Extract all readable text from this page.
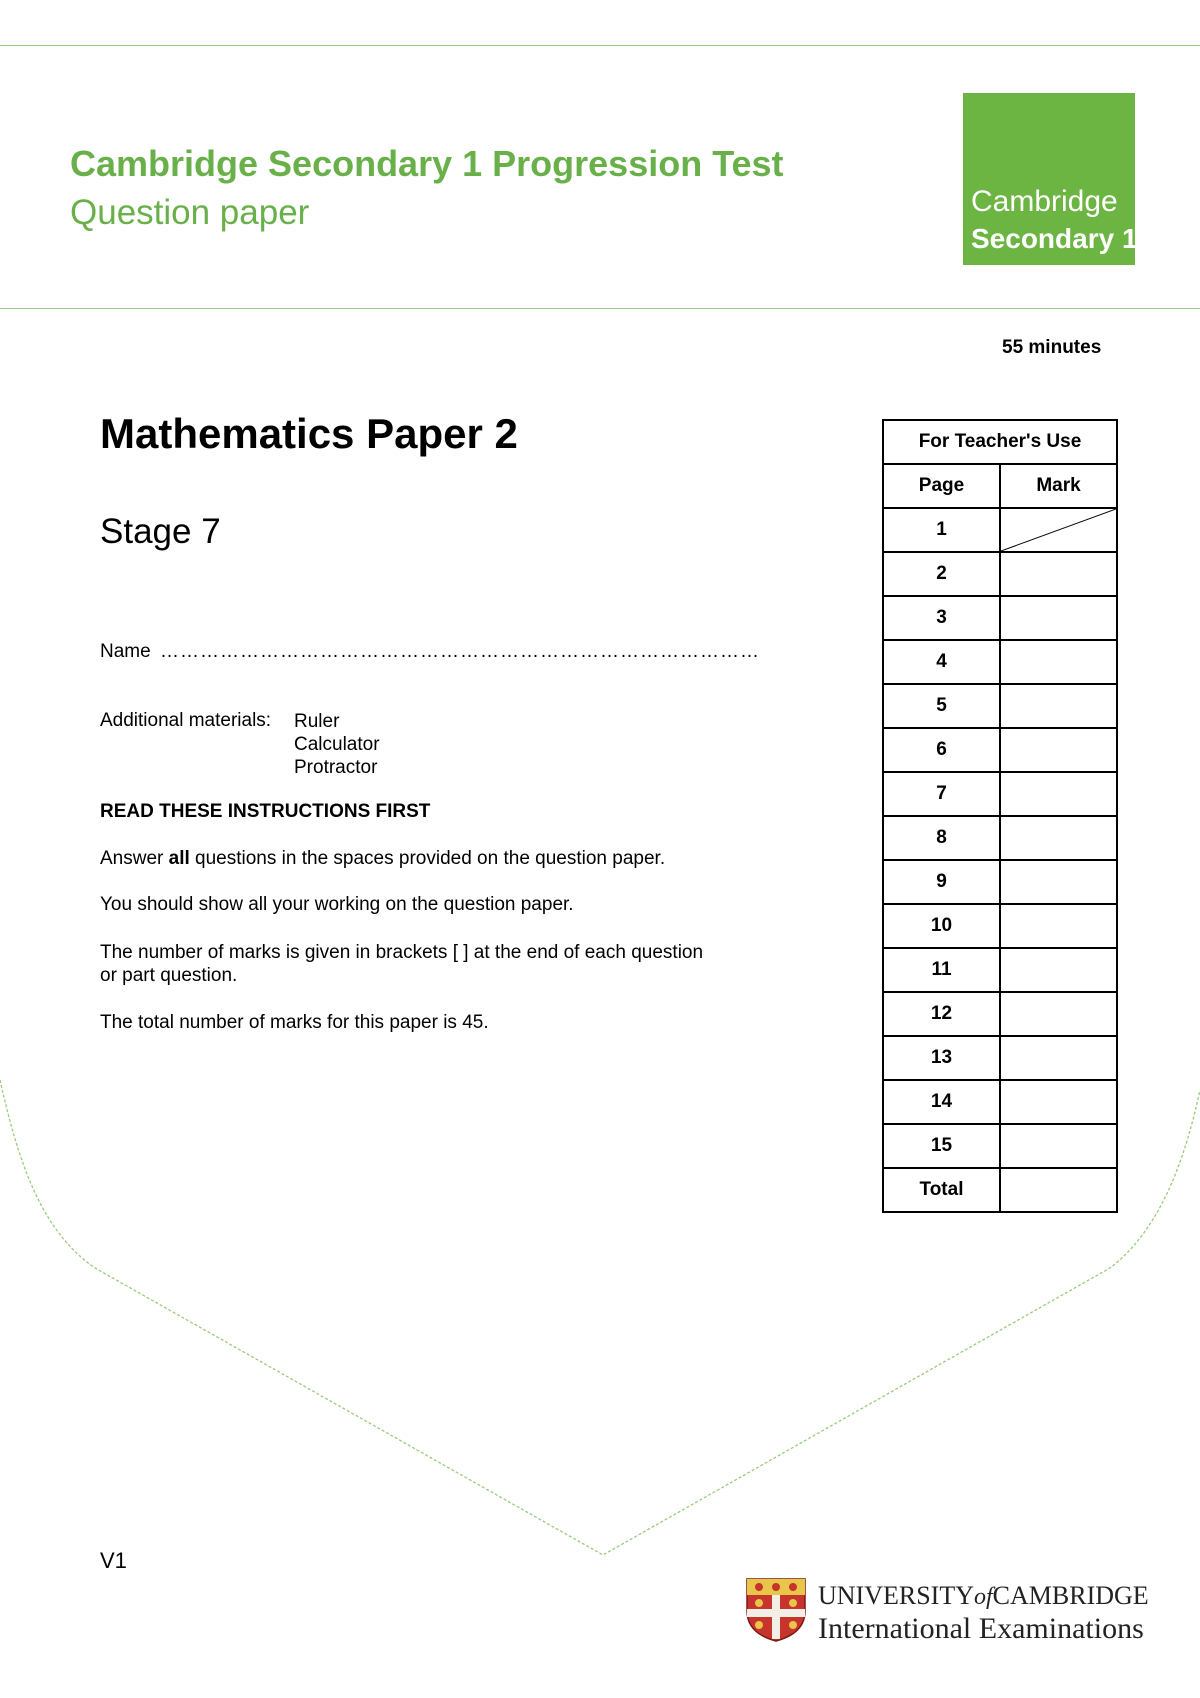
Cambridge Secondary 1 Progression Test
Question paper	Cambridge
Secondary 1
55 minutes
Mathematics Paper 2
Stage 7
Name ………………………………………………………………………………
Additional materials: Ruler
Calculator
Protractor
READ THESE INSTRUCTIONS FIRST
Answer all questions in the spaces provided on the question paper.
You should show all your working on the question paper.
The number of marks is given in brackets [ ] at the end of each question
or part question.
The total number of marks for this paper is 45.
For Teacher's Use	
Page	Mark
1	

2	
3	
4	
5	
6	
7	
8	
9	
10	
11	
12	
13	
14	
15	
Total	
V1
UNIVERSITYofCAMBRIDGE
International Examinations
